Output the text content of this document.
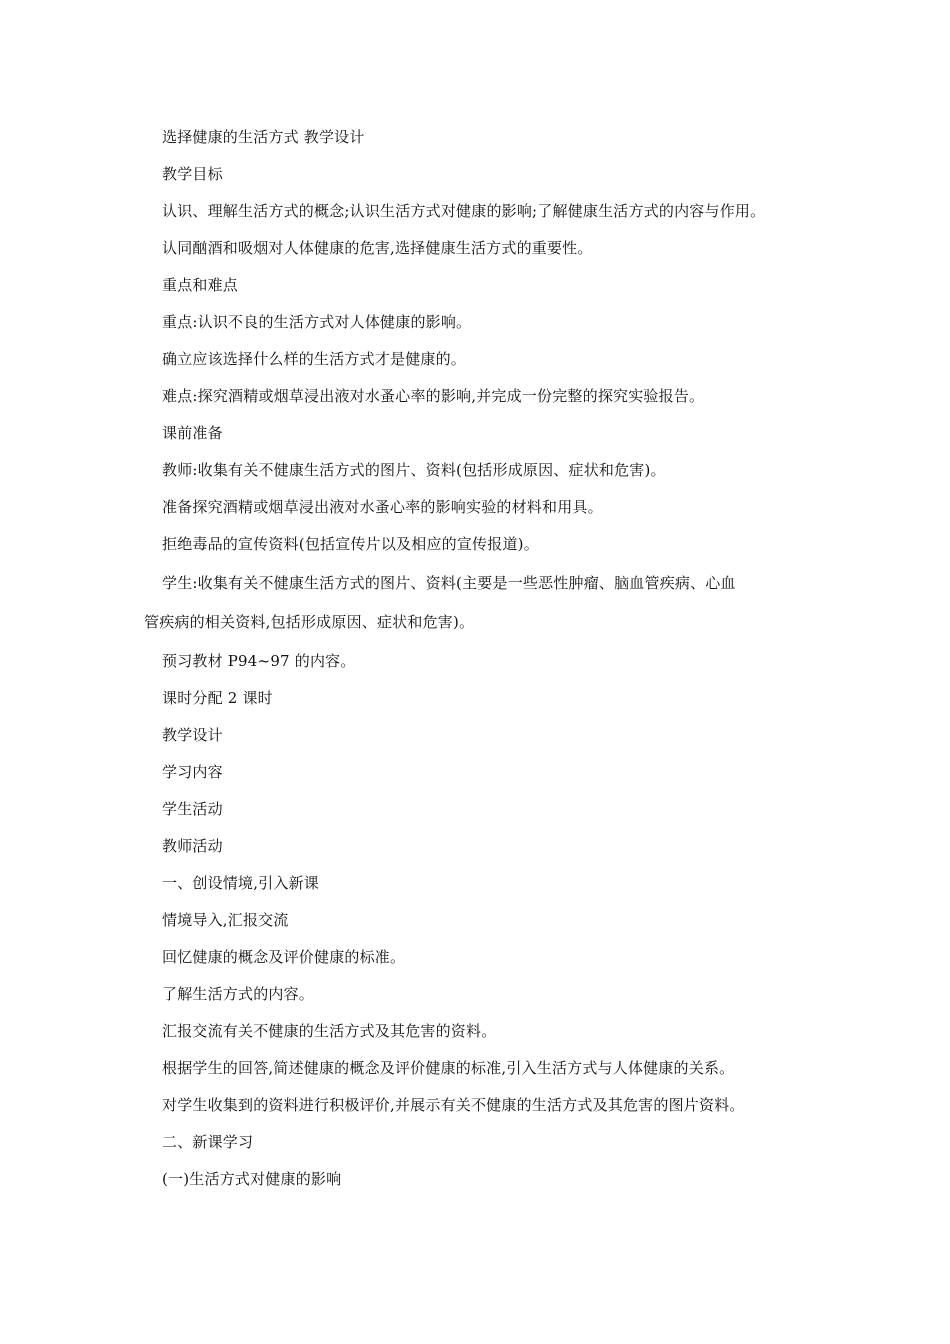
选择健康的生活方式 教学设计
教学目标
认识、理解生活方式的概念;认识生活方式对健康的影响;了解健康生活方式的内容与作用。
认同酗酒和吸烟对人体健康的危害,选择健康生活方式的重要性。
重点和难点
重点:认识不良的生活方式对人体健康的影响。
确立应该选择什么样的生活方式才是健康的。
难点:探究酒精或烟草浸出液对水蚤心率的影响,并完成一份完整的探究实验报告。
课前准备
教师:收集有关不健康生活方式的图片、资料(包括形成原因、症状和危害)。
准备探究酒精或烟草浸出液对水蚤心率的影响实验的材料和用具。
拒绝毒品的宣传资料(包括宣传片以及相应的宣传报道)。
学生:收集有关不健康生活方式的图片、资料(主要是一些恶性肿瘤、脑血管疾病、心血
管疾病的相关资料,包括形成原因、症状和危害)。
预习教材 P94~97 的内容。
课时分配 2 课时
教学设计
学习内容
学生活动
教师活动
一、创设情境,引入新课
情境导入,汇报交流
回忆健康的概念及评价健康的标准。
了解生活方式的内容。
汇报交流有关不健康的生活方式及其危害的资料。
根据学生的回答,简述健康的概念及评价健康的标准,引入生活方式与人体健康的关系。
对学生收集到的资料进行积极评价,并展示有关不健康的生活方式及其危害的图片资料。
二、新课学习
(一)生活方式对健康的影响
